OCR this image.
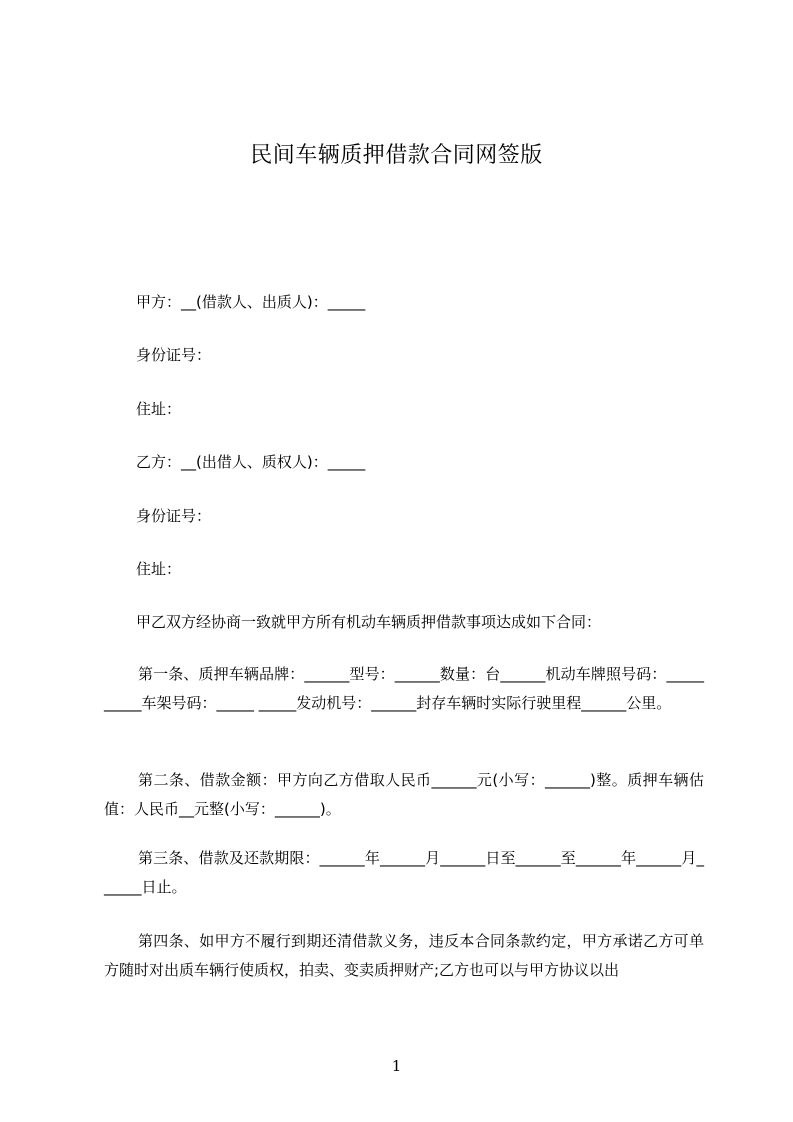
民间车辆质押借款合同网签版
甲方：__(借款人、出质人)：_____
身份证号：
住址：
乙方：__(出借人、质权人)：_____
身份证号：
住址：
甲乙双方经协商一致就甲方所有机动车辆质押借款事项达成如下合同：
第一条、质押车辆品牌：______型号：______数量：台______机动车牌照号码：__________车架号码：_____ _____发动机号：______封存车辆时实际行驶里程______公里。
第二条、借款金额：甲方向乙方借取人民币______元(小写：______)整。质押车辆估值：人民币__元整(小写：______)。
第三条、借款及还款期限：______年______月______日至______至______年______月______日止。
第四条、如甲方不履行到期还清借款义务，违反本合同条款约定，甲方承诺乙方可单方随时对出质车辆行使质权，拍卖、变卖质押财产;乙方也可以与甲方协议以出
1
